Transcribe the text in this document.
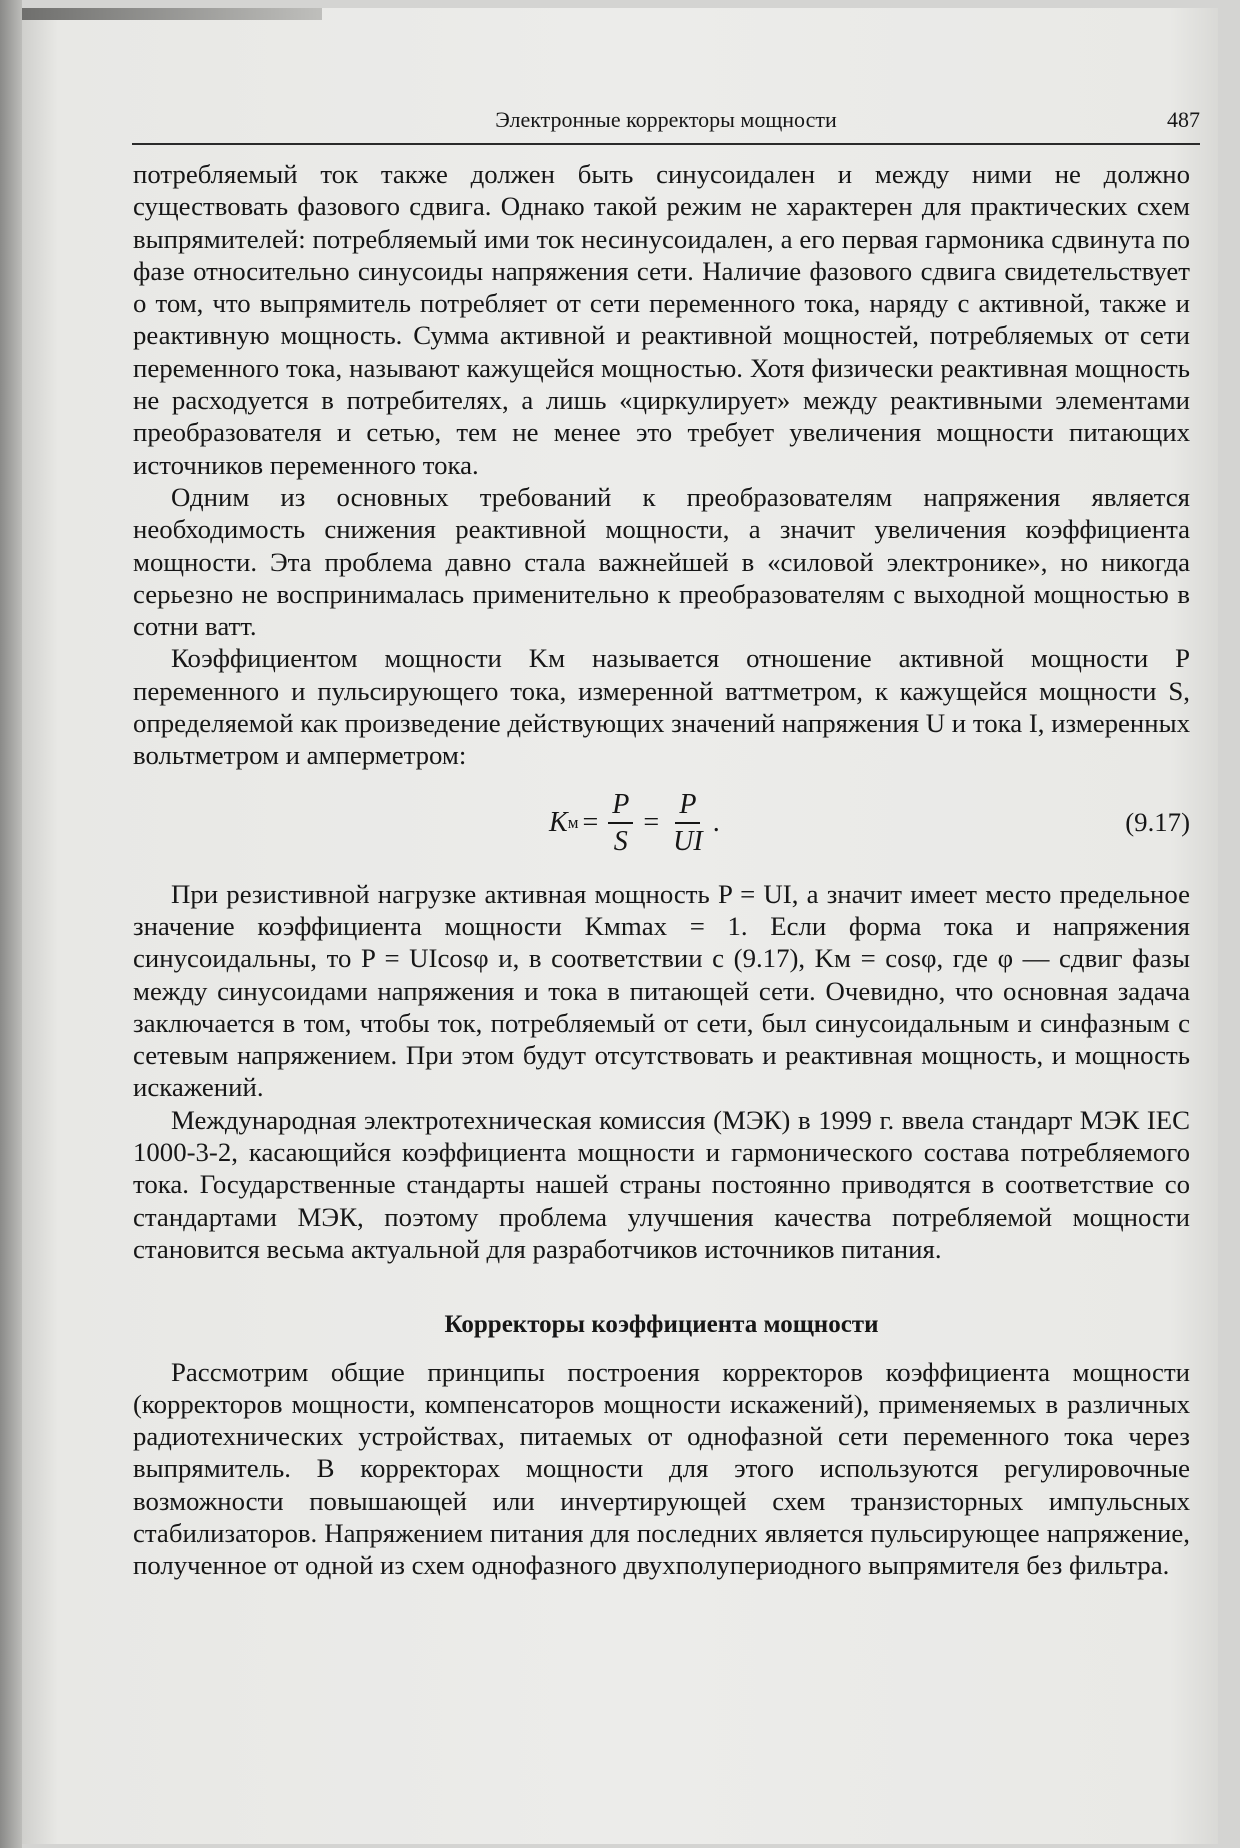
Электронные корректоры мощности	487

потребляемый ток также должен быть синусоидален и между ними не должно существовать фазового сдвига. Однако такой режим не характерен для практических схем выпрямителей: потребляемый ими ток несинусоидален, а его первая гармоника сдвинута по фазе относительно синусоиды напряжения сети. Наличие фазового сдвига свидетельствует о том, что выпрямитель потребляет от сети переменного тока, наряду с активной, также и реактивную мощность. Сумма активной и реактивной мощностей, потребляемых от сети переменного тока, называют кажущейся мощностью. Хотя физически реактивная мощность не расходуется в потребителях, а лишь «циркулирует» между реактивными элементами преобразователя и сетью, тем не менее это требует увеличения мощности питающих источников переменного тока.

Одним из основных требований к преобразователям напряжения является необходимость снижения реактивной мощности, а значит увеличения коэффициента мощности. Эта проблема давно стала важнейшей в «силовой электронике», но никогда серьезно не воспринималась применительно к преобразователям с выходной мощностью в сотни ватт.

Коэффициентом мощности Kм называется отношение активной мощности P переменного и пульсирующего тока, измеренной ваттметром, к кажущейся мощности S, определяемой как произведение действующих значений напряжения U и тока I, измеренных вольтметром и амперметром:

K $м = \frac{P}{S} = \frac{P}{UI}$ .	(9.17)

При резистивной нагрузке активная мощность P = UI, а значит имеет место предельное значение коэффициента мощности Kмmax = 1. Если форма тока и напряжения синусоидальны, то P = UIcosφ и, в соответствии с (9.17), Kм = cosφ, где φ — сдвиг фазы между синусоидами напряжения и тока в питающей сети. Очевидно, что основная задача заключается в том, чтобы ток, потребляемый от сети, был синусоидальным и синфазным с сетевым напряжением. При этом будут отсутствовать и реактивная мощность, и мощность искажений.

Международная электротехническая комиссия (МЭК) в 1999 г. ввела стандарт МЭК IEC 1000-3-2, касающийся коэффициента мощности и гармонического состава потребляемого тока. Государственные стандарты нашей страны постоянно приводятся в соответствие со стандартами МЭК, поэтому проблема улучшения качества потребляемой мощности становится весьма актуальной для разработчиков источников питания.

Корректоры коэффициента мощности

Рассмотрим общие принципы построения корректоров коэффициента мощности (корректоров мощности, компенсаторов мощности искажений), применяемых в различных радиотехнических устройствах, питаемых от однофазной сети переменного тока через выпрямитель. В корректорах мощности для этого используются регулировочные возможности повышающей или инvертирующей схем транзисторных импульсных стабилизаторов. Напряжением питания для последних является пульсирующее напряжение, полученное от одной из схем однофазного двухполупериодного выпрямителя без фильтра.
